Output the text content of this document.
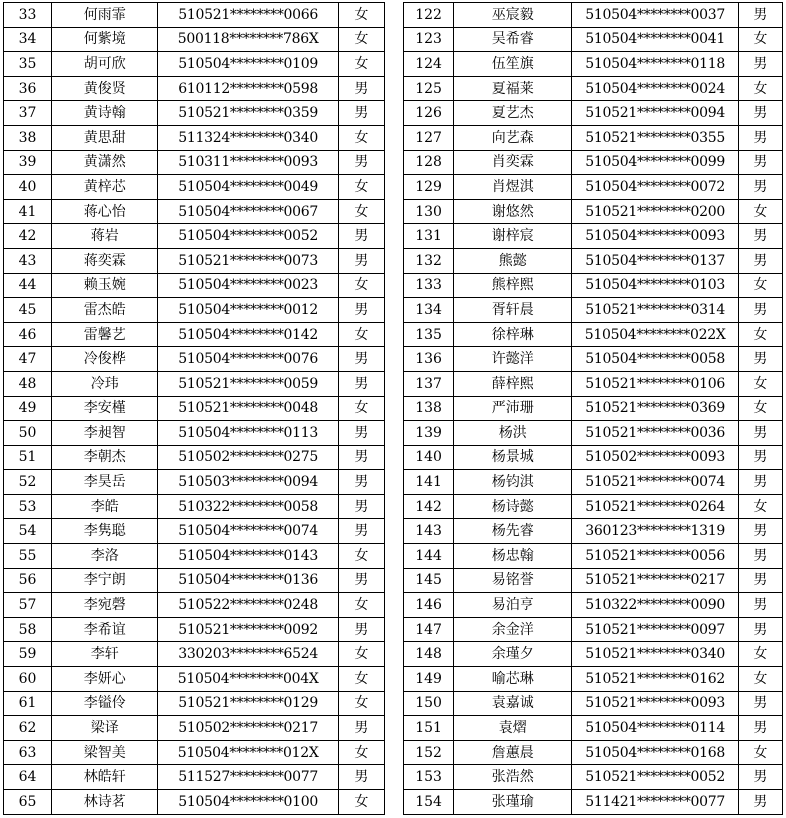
33	何雨霏	510521********0066	女
34	何紫境	500118********786X	女
35	胡可欣	510504********0109	女
36	黄俊贤	610112********0598	男
37	黄诗翰	510521********0359	男
38	黄思甜	511324********0340	女
39	黄潇然	510311********0093	男
40	黄梓芯	510504********0049	女
41	蒋心怡	510504********0067	女
42	蒋岩	510504********0052	男
43	蒋奕霖	510521********0073	男
44	赖玉婉	510504********0023	女
45	雷杰皓	510504********0012	男
46	雷馨艺	510504********0142	女
47	冷俊桦	510504********0076	男
48	冷玮	510521********0059	男
49	李安槿	510521********0048	女
50	李昶智	510504********0113	男
51	李朝杰	510502********0275	男
52	李昊岳	510503********0094	男
53	李皓	510322********0058	男
54	李隽聪	510504********0074	男
55	李洛	510504********0143	女
56	李宁朗	510504********0136	男
57	李宛磬	510522********0248	女
58	李希谊	510521********0092	男
59	李轩	330203********6524	女
60	李妍心	510504********004X	女
61	李镒伶	510521********0129	女
62	梁译	510502********0217	男
63	梁智美	510504********012X	女
64	林皓轩	511527********0077	男
65	林诗茗	510504********0100	女
122	巫宸毅	510504********0037	男
123	吴希睿	510504********0041	女
124	伍笙旗	510504********0118	男
125	夏福莱	510504********0024	女
126	夏艺杰	510521********0094	男
127	向艺森	510521********0355	男
128	肖奕霖	510504********0099	男
129	肖煜淇	510504********0072	男
130	谢悠然	510521********0200	女
131	谢梓宸	510504********0093	男
132	熊懿	510504********0137	男
133	熊梓熙	510504********0103	女
134	胥轩晨	510521********0314	男
135	徐梓琳	510504********022X	女
136	许懿洋	510504********0058	男
137	薛梓熙	510521********0106	女
138	严沛珊	510521********0369	女
139	杨洪	510521********0036	男
140	杨景城	510502********0093	男
141	杨钧淇	510521********0074	男
142	杨诗懿	510521********0264	女
143	杨先睿	360123********1319	男
144	杨忠翰	510521********0056	男
145	易铭誉	510521********0217	男
146	易泊亨	510322********0090	男
147	余金洋	510521********0097	男
148	余瑾夕	510521********0340	女
149	喻芯琳	510521********0162	女
150	袁嘉诚	510521********0093	男
151	袁熠	510504********0114	男
152	詹蕙晨	510504********0168	女
153	张浩然	510521********0052	男
154	张瑾瑜	511421********0077	男
